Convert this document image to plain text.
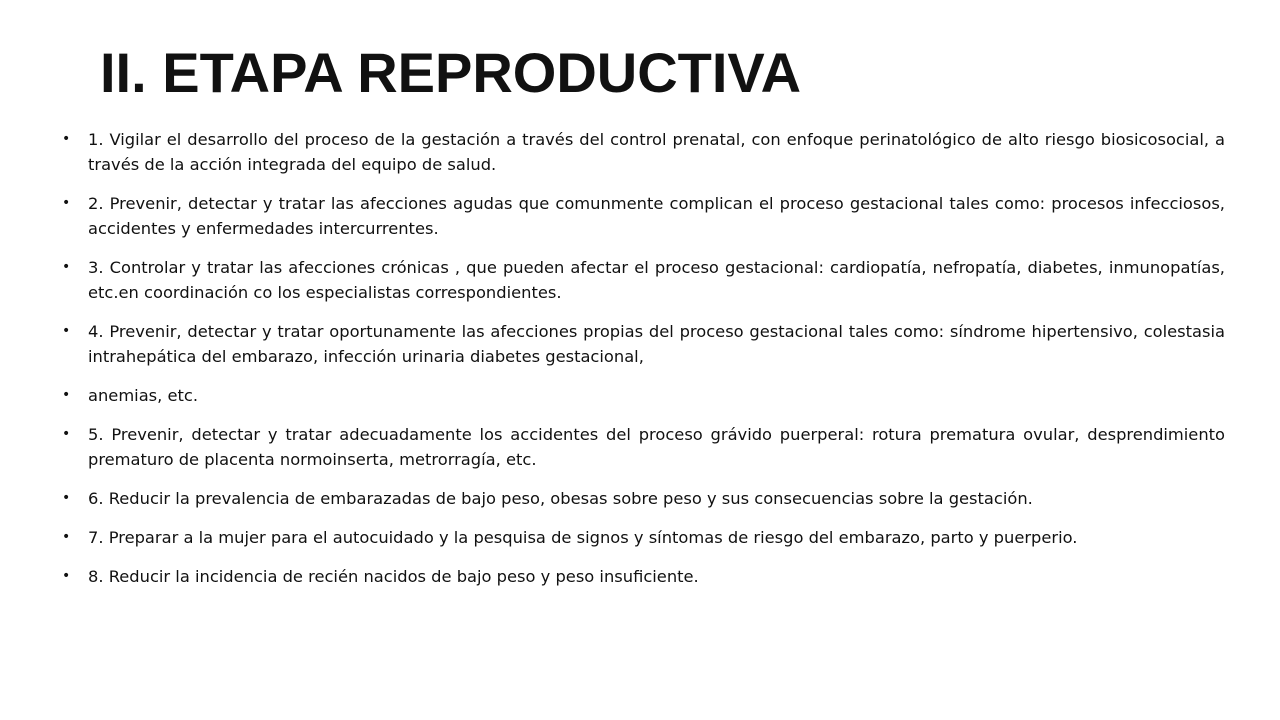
II. ETAPA REPRODUCTIVA
•	1. Vigilar el desarrollo del proceso de la gestación a través del control prenatal, con enfoque perinatológico de alto riesgo biosicosocial, a través de la acción integrada del equipo de salud.
•	2. Prevenir, detectar y tratar las afecciones agudas que comunmente complican el proceso gestacional tales como: procesos infecciosos, accidentes y enfermedades intercurrentes.
•	3. Controlar y tratar las afecciones crónicas , que pueden afectar el proceso gestacional: cardiopatía, nefropatía, diabetes, inmunopatías, etc.en coordinación co los especialistas correspondientes.
•	4. Prevenir, detectar y tratar oportunamente las afecciones propias del proceso gestacional tales como: síndrome hipertensivo, colestasia intrahepática del embarazo, infección urinaria diabetes gestacional,
•	anemias, etc.
•	5. Prevenir, detectar y tratar adecuadamente los accidentes del proceso grávido puerperal: rotura prematura ovular, desprendimiento prematuro de placenta normoinserta, metrorragía, etc.
•	6. Reducir la prevalencia de embarazadas de bajo peso, obesas sobre peso y sus consecuencias sobre la gestación.
•	7. Preparar a la mujer para el autocuidado y la pesquisa de signos y síntomas de riesgo del embarazo, parto y puerperio.
•	8. Reducir la incidencia de recién nacidos de bajo peso y peso insuficiente.
